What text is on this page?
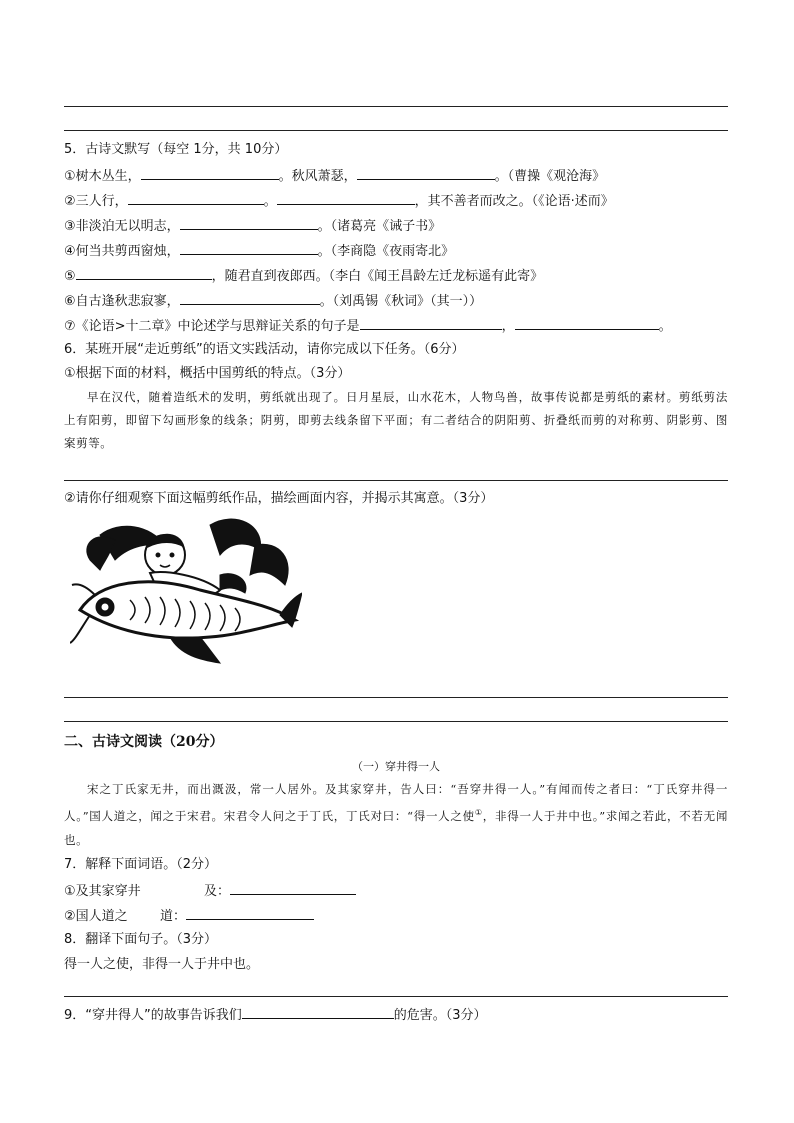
5．古诗文默写（每空 1分，共 10分）
①树木丛生，	。秋风萧瑟，	。（曹操《观沧海》
②三人行，	。	，其不善者而改之。（《论语·述而》
③非淡泊无以明志，	。（诸葛亮《诫子书》
④何当共剪西窗烛，	。（李商隐《夜雨寄北》
⑤	，随君直到夜郎西。（李白《闻王昌龄左迁龙标遥有此寄》
⑥自古逢秋悲寂寥，	。（刘禹锡《秋词》（其一））
⑦《论语>十二章》中论述学与思辩证关系的句子是	，	。
6．某班开展“走近剪纸”的语文实践活动，请你完成以下任务。（6分）
①根据下面的材料，概括中国剪纸的特点。（3分）
早在汉代，随着造纸术的发明，剪纸就出现了。日月星辰，山水花木，人物鸟兽，故事传说都是剪纸的素材。剪纸剪法上有阳剪，即留下勾画形象的线条；阴剪，即剪去线条留下平面；有二者结合的阴阳剪、折叠纸而剪的对称剪、阴影剪、图案剪等。
②请你仔细观察下面这幅剪纸作品，描绘画面内容，并揭示其寓意。（3分）
二、古诗文阅读（20分）
（一）穿井得一人
宋之丁氏家无井，而出溉汲，常一人居外。及其家穿井，告人曰：“吾穿井得一人。”有闻而传之者曰：“丁氏穿井得一人。”国人道之，闻之于宋君。宋君令人问之于丁氏，丁氏对曰：“得一人之使①，非得一人于井中也。”求闻之若此，不若无闻也。
7．解释下面词语。（2分）
①及其家穿井	及：
②国人道之 道：
8．翻译下面句子。（3分）
得一人之使，非得一人于井中也。
9．“穿井得人”的故事告诉我们	的危害。（3分）
